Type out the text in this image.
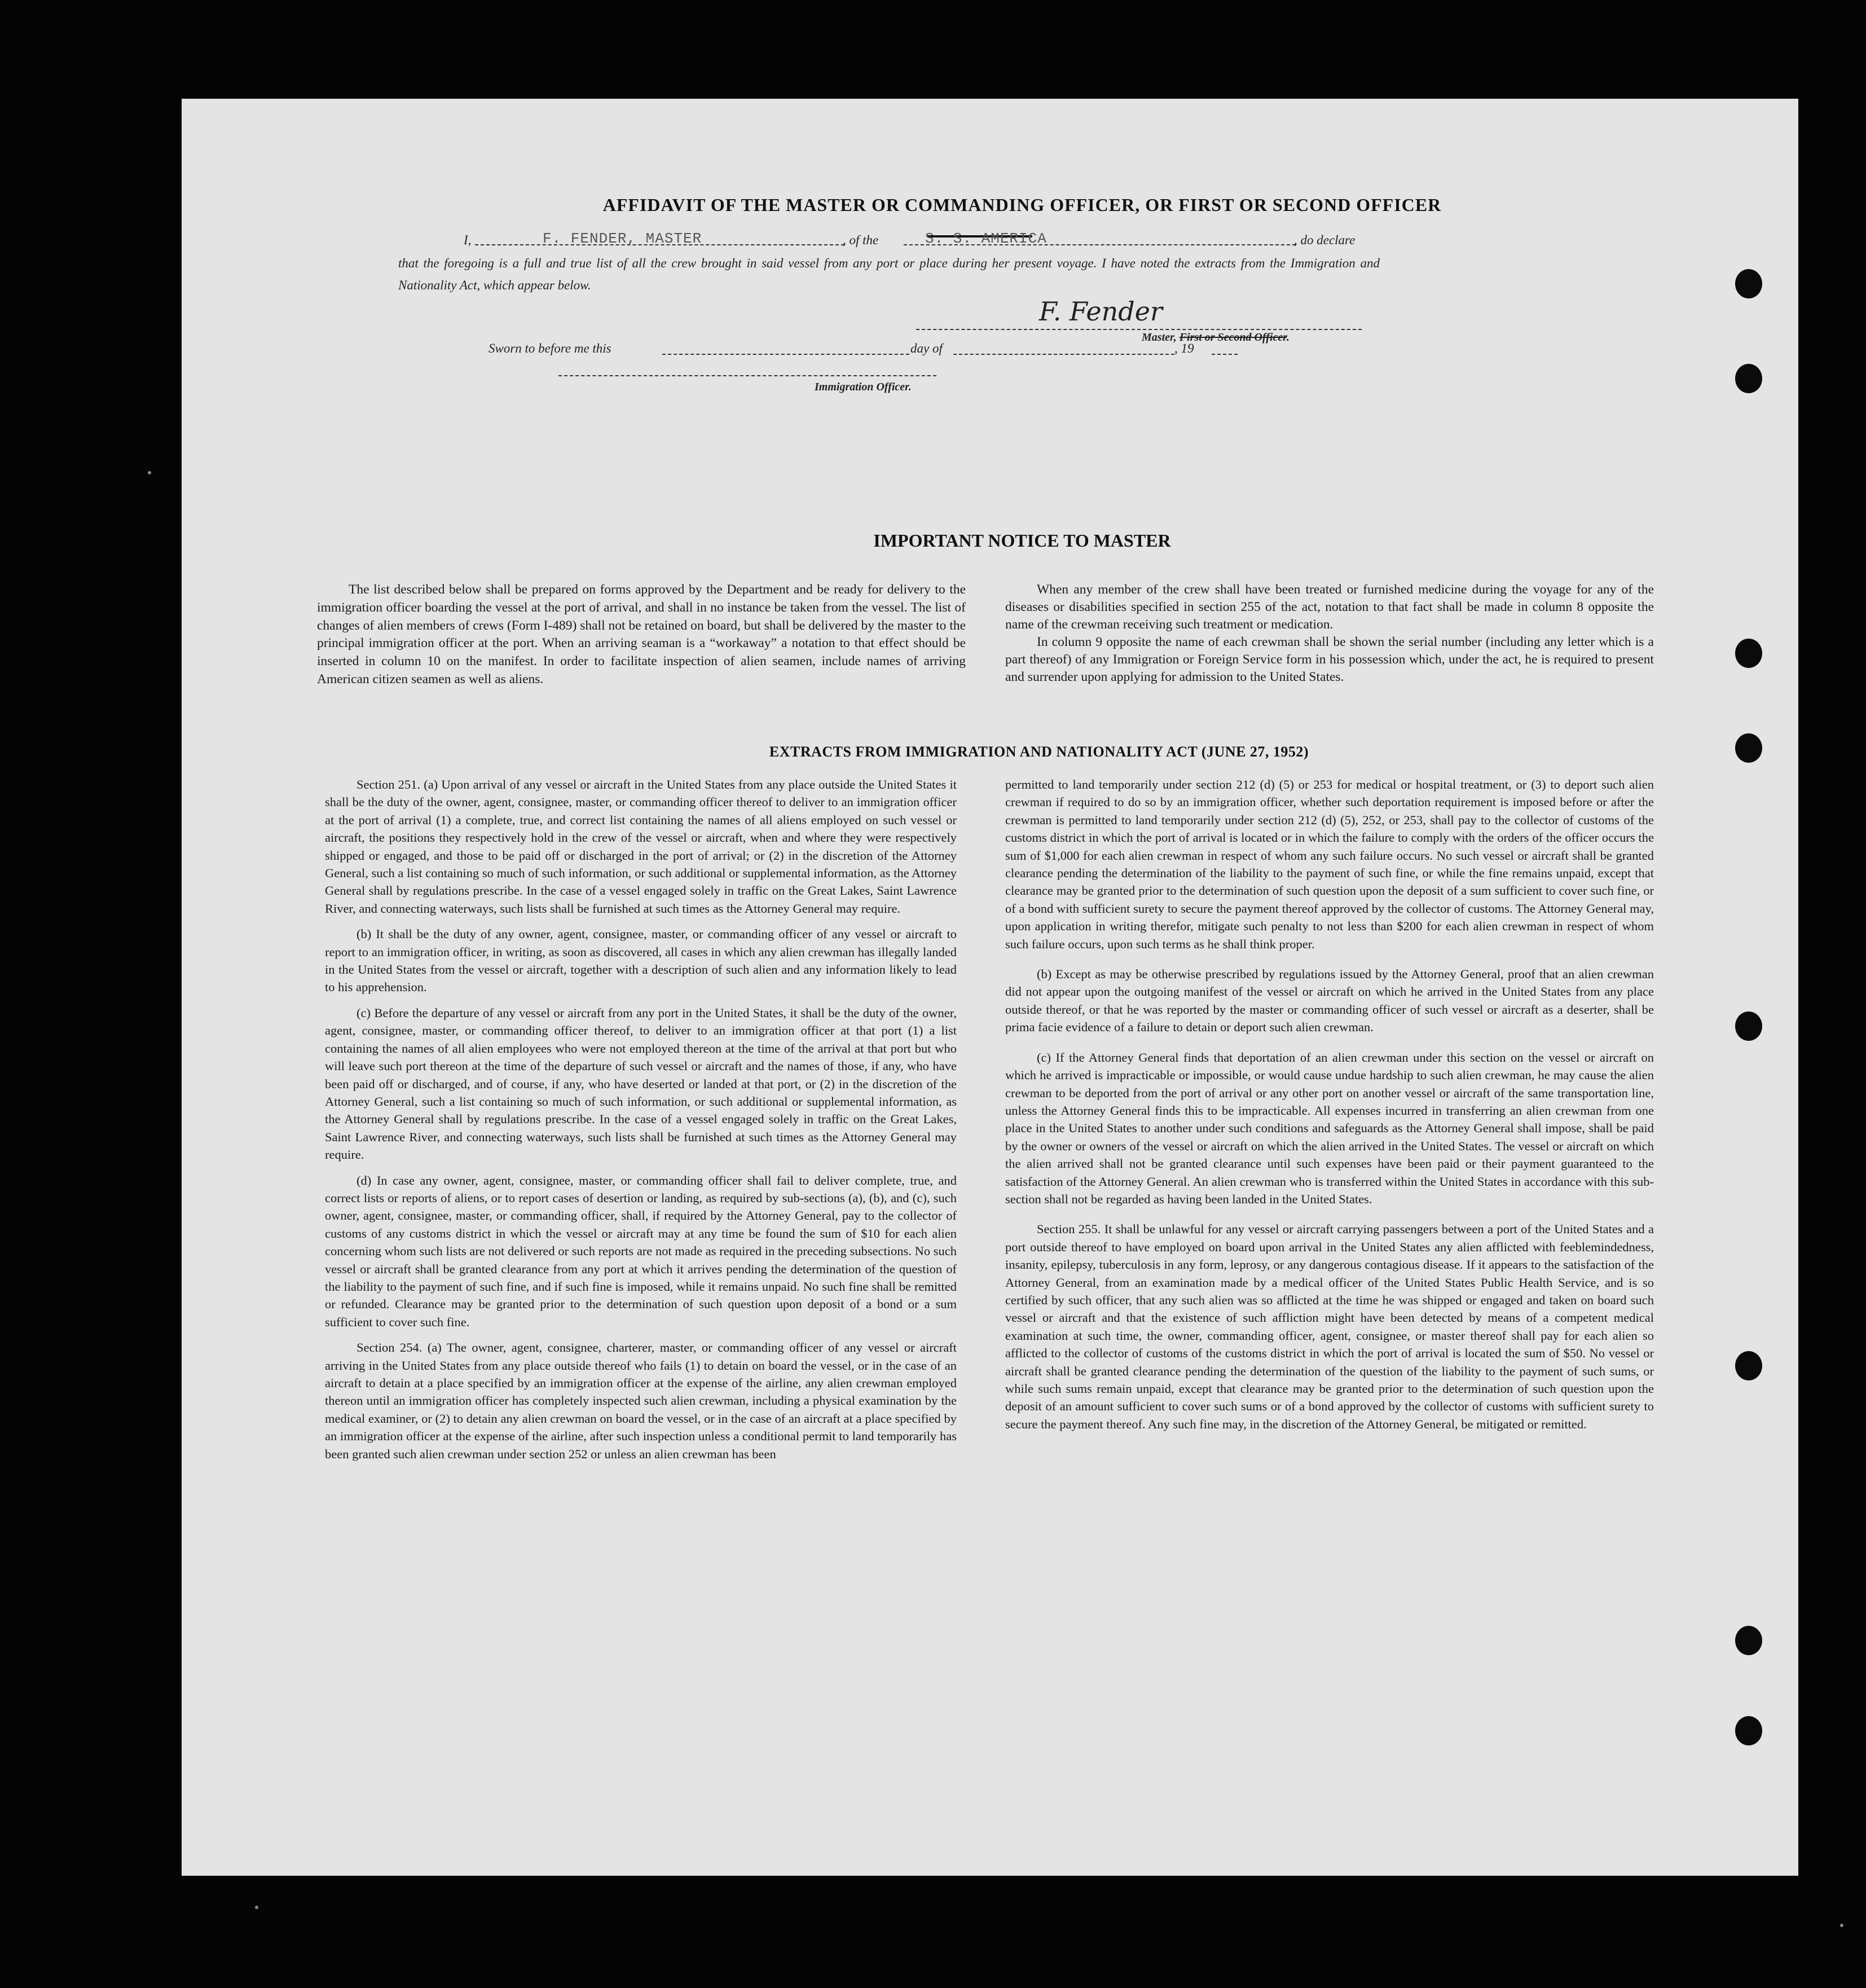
AFFIDAVIT OF THE MASTER OR COMMANDING OFFICER, OR FIRST OR SECOND OFFICER
I,	F. FENDER, MASTER	, of the	S. S. AMERICA	, do declare

that the foregoing is a full and true list of all the crew brought in said vessel from any port or place during her present voyage. I have noted the extracts from the Immigration and Nationality Act, which appear below.

F. Fender
Master, First or Second Officer.
Sworn to before me this	day of	, 19
Immigration Officer.
IMPORTANT NOTICE TO MASTER

The list described below shall be prepared on forms approved by the Department and be ready for delivery to the immigration officer boarding the vessel at the port of arrival, and shall in no instance be taken from the vessel. The list of changes of alien members of crews (Form I-489) shall not be retained on board, but shall be delivered by the master to the principal immigration officer at the port. When an arriving seaman is a “workaway” a notation to that effect should be inserted in column 10 on the manifest. In order to facilitate inspection of alien seamen, include names of arriving American citizen seamen as well as aliens.

When any member of the crew shall have been treated or furnished medicine during the voyage for any of the diseases or disabilities specified in section 255 of the act, notation to that fact shall be made in column 8 opposite the name of the crewman receiving such treatment or medication.

In column 9 opposite the name of each crewman shall be shown the serial number (including any letter which is a part thereof) of any Immigration or Foreign Service form in his possession which, under the act, he is required to present and surrender upon applying for admission to the United States.

EXTRACTS FROM IMMIGRATION AND NATIONALITY ACT (JUNE 27, 1952)

Section 251. (a) Upon arrival of any vessel or aircraft in the United States from any place outside the United States it shall be the duty of the owner, agent, consignee, master, or commanding officer thereof to deliver to an immigration officer at the port of arrival (1) a complete, true, and correct list containing the names of all aliens employed on such vessel or aircraft, the positions they respectively hold in the crew of the vessel or aircraft, when and where they were respectively shipped or engaged, and those to be paid off or discharged in the port of arrival; or (2) in the discretion of the Attorney General, such a list containing so much of such information, or such additional or supplemental information, as the Attorney General shall by regulations prescribe. In the case of a vessel engaged solely in traffic on the Great Lakes, Saint Lawrence River, and connecting waterways, such lists shall be furnished at such times as the Attorney General may require.

(b) It shall be the duty of any owner, agent, consignee, master, or commanding officer of any vessel or aircraft to report to an immigration officer, in writing, as soon as discovered, all cases in which any alien crewman has illegally landed in the United States from the vessel or aircraft, together with a description of such alien and any information likely to lead to his apprehension.

(c) Before the departure of any vessel or aircraft from any port in the United States, it shall be the duty of the owner, agent, consignee, master, or commanding officer thereof, to deliver to an immigration officer at that port (1) a list containing the names of all alien employees who were not employed thereon at the time of the arrival at that port but who will leave such port thereon at the time of the departure of such vessel or aircraft and the names of those, if any, who have been paid off or discharged, and of course, if any, who have deserted or landed at that port, or (2) in the discretion of the Attorney General, such a list containing so much of such information, or such additional or supplemental information, as the Attorney General shall by regulations prescribe. In the case of a vessel engaged solely in traffic on the Great Lakes, Saint Lawrence River, and connecting waterways, such lists shall be furnished at such times as the Attorney General may require.

(d) In case any owner, agent, consignee, master, or commanding officer shall fail to deliver complete, true, and correct lists or reports of aliens, or to report cases of desertion or landing, as required by sub-sections (a), (b), and (c), such owner, agent, consignee, master, or commanding officer, shall, if required by the Attorney General, pay to the collector of customs of any customs district in which the vessel or aircraft may at any time be found the sum of $10 for each alien concerning whom such lists are not delivered or such reports are not made as required in the preceding subsections. No such vessel or aircraft shall be granted clearance from any port at which it arrives pending the determination of the question of the liability to the payment of such fine, and if such fine is imposed, while it remains unpaid. No such fine shall be remitted or refunded. Clearance may be granted prior to the determination of such question upon deposit of a bond or a sum sufficient to cover such fine.

Section 254. (a) The owner, agent, consignee, charterer, master, or commanding officer of any vessel or aircraft arriving in the United States from any place outside thereof who fails (1) to detain on board the vessel, or in the case of an aircraft to detain at a place specified by an immigration officer at the expense of the airline, any alien crewman employed thereon until an immigration officer has completely inspected such alien crewman, including a physical examination by the medical examiner, or (2) to detain any alien crewman on board the vessel, or in the case of an aircraft at a place specified by an immigration officer at the expense of the airline, after such inspection unless a conditional permit to land temporarily has been granted such alien crewman under section 252 or unless an alien crewman has been

permitted to land temporarily under section 212 (d) (5) or 253 for medical or hospital treatment, or (3) to deport such alien crewman if required to do so by an immigration officer, whether such deportation requirement is imposed before or after the crewman is permitted to land temporarily under section 212 (d) (5), 252, or 253, shall pay to the collector of customs of the customs district in which the port of arrival is located or in which the failure to comply with the orders of the officer occurs the sum of $1,000 for each alien crewman in respect of whom any such failure occurs. No such vessel or aircraft shall be granted clearance pending the determination of the liability to the payment of such fine, or while the fine remains unpaid, except that clearance may be granted prior to the determination of such question upon the deposit of a sum sufficient to cover such fine, or of a bond with sufficient surety to secure the payment thereof approved by the collector of customs. The Attorney General may, upon application in writing therefor, mitigate such penalty to not less than $200 for each alien crewman in respect of whom such failure occurs, upon such terms as he shall think proper.

(b) Except as may be otherwise prescribed by regulations issued by the Attorney General, proof that an alien crewman did not appear upon the outgoing manifest of the vessel or aircraft on which he arrived in the United States from any place outside thereof, or that he was reported by the master or commanding officer of such vessel or aircraft as a deserter, shall be prima facie evidence of a failure to detain or deport such alien crewman.

(c) If the Attorney General finds that deportation of an alien crewman under this section on the vessel or aircraft on which he arrived is impracticable or impossible, or would cause undue hardship to such alien crewman, he may cause the alien crewman to be deported from the port of arrival or any other port on another vessel or aircraft of the same transportation line, unless the Attorney General finds this to be impracticable. All expenses incurred in transferring an alien crewman from one place in the United States to another under such conditions and safeguards as the Attorney General shall impose, shall be paid by the owner or owners of the vessel or aircraft on which the alien arrived in the United States. The vessel or aircraft on which the alien arrived shall not be granted clearance until such expenses have been paid or their payment guaranteed to the satisfaction of the Attorney General. An alien crewman who is transferred within the United States in accordance with this sub-section shall not be regarded as having been landed in the United States.

Section 255. It shall be unlawful for any vessel or aircraft carrying passengers between a port of the United States and a port outside thereof to have employed on board upon arrival in the United States any alien afflicted with feeblemindedness, insanity, epilepsy, tuberculosis in any form, leprosy, or any dangerous contagious disease. If it appears to the satisfaction of the Attorney General, from an examination made by a medical officer of the United States Public Health Service, and is so certified by such officer, that any such alien was so afflicted at the time he was shipped or engaged and taken on board such vessel or aircraft and that the existence of such affliction might have been detected by means of a competent medical examination at such time, the owner, commanding officer, agent, consignee, or master thereof shall pay for each alien so afflicted to the collector of customs of the customs district in which the port of arrival is located the sum of $50. No vessel or aircraft shall be granted clearance pending the determination of the question of the liability to the payment of such sums, or while such sums remain unpaid, except that clearance may be granted prior to the determination of such question upon the deposit of an amount sufficient to cover such sums or of a bond approved by the collector of customs with sufficient surety to secure the payment thereof. Any such fine may, in the discretion of the Attorney General, be mitigated or remitted.
